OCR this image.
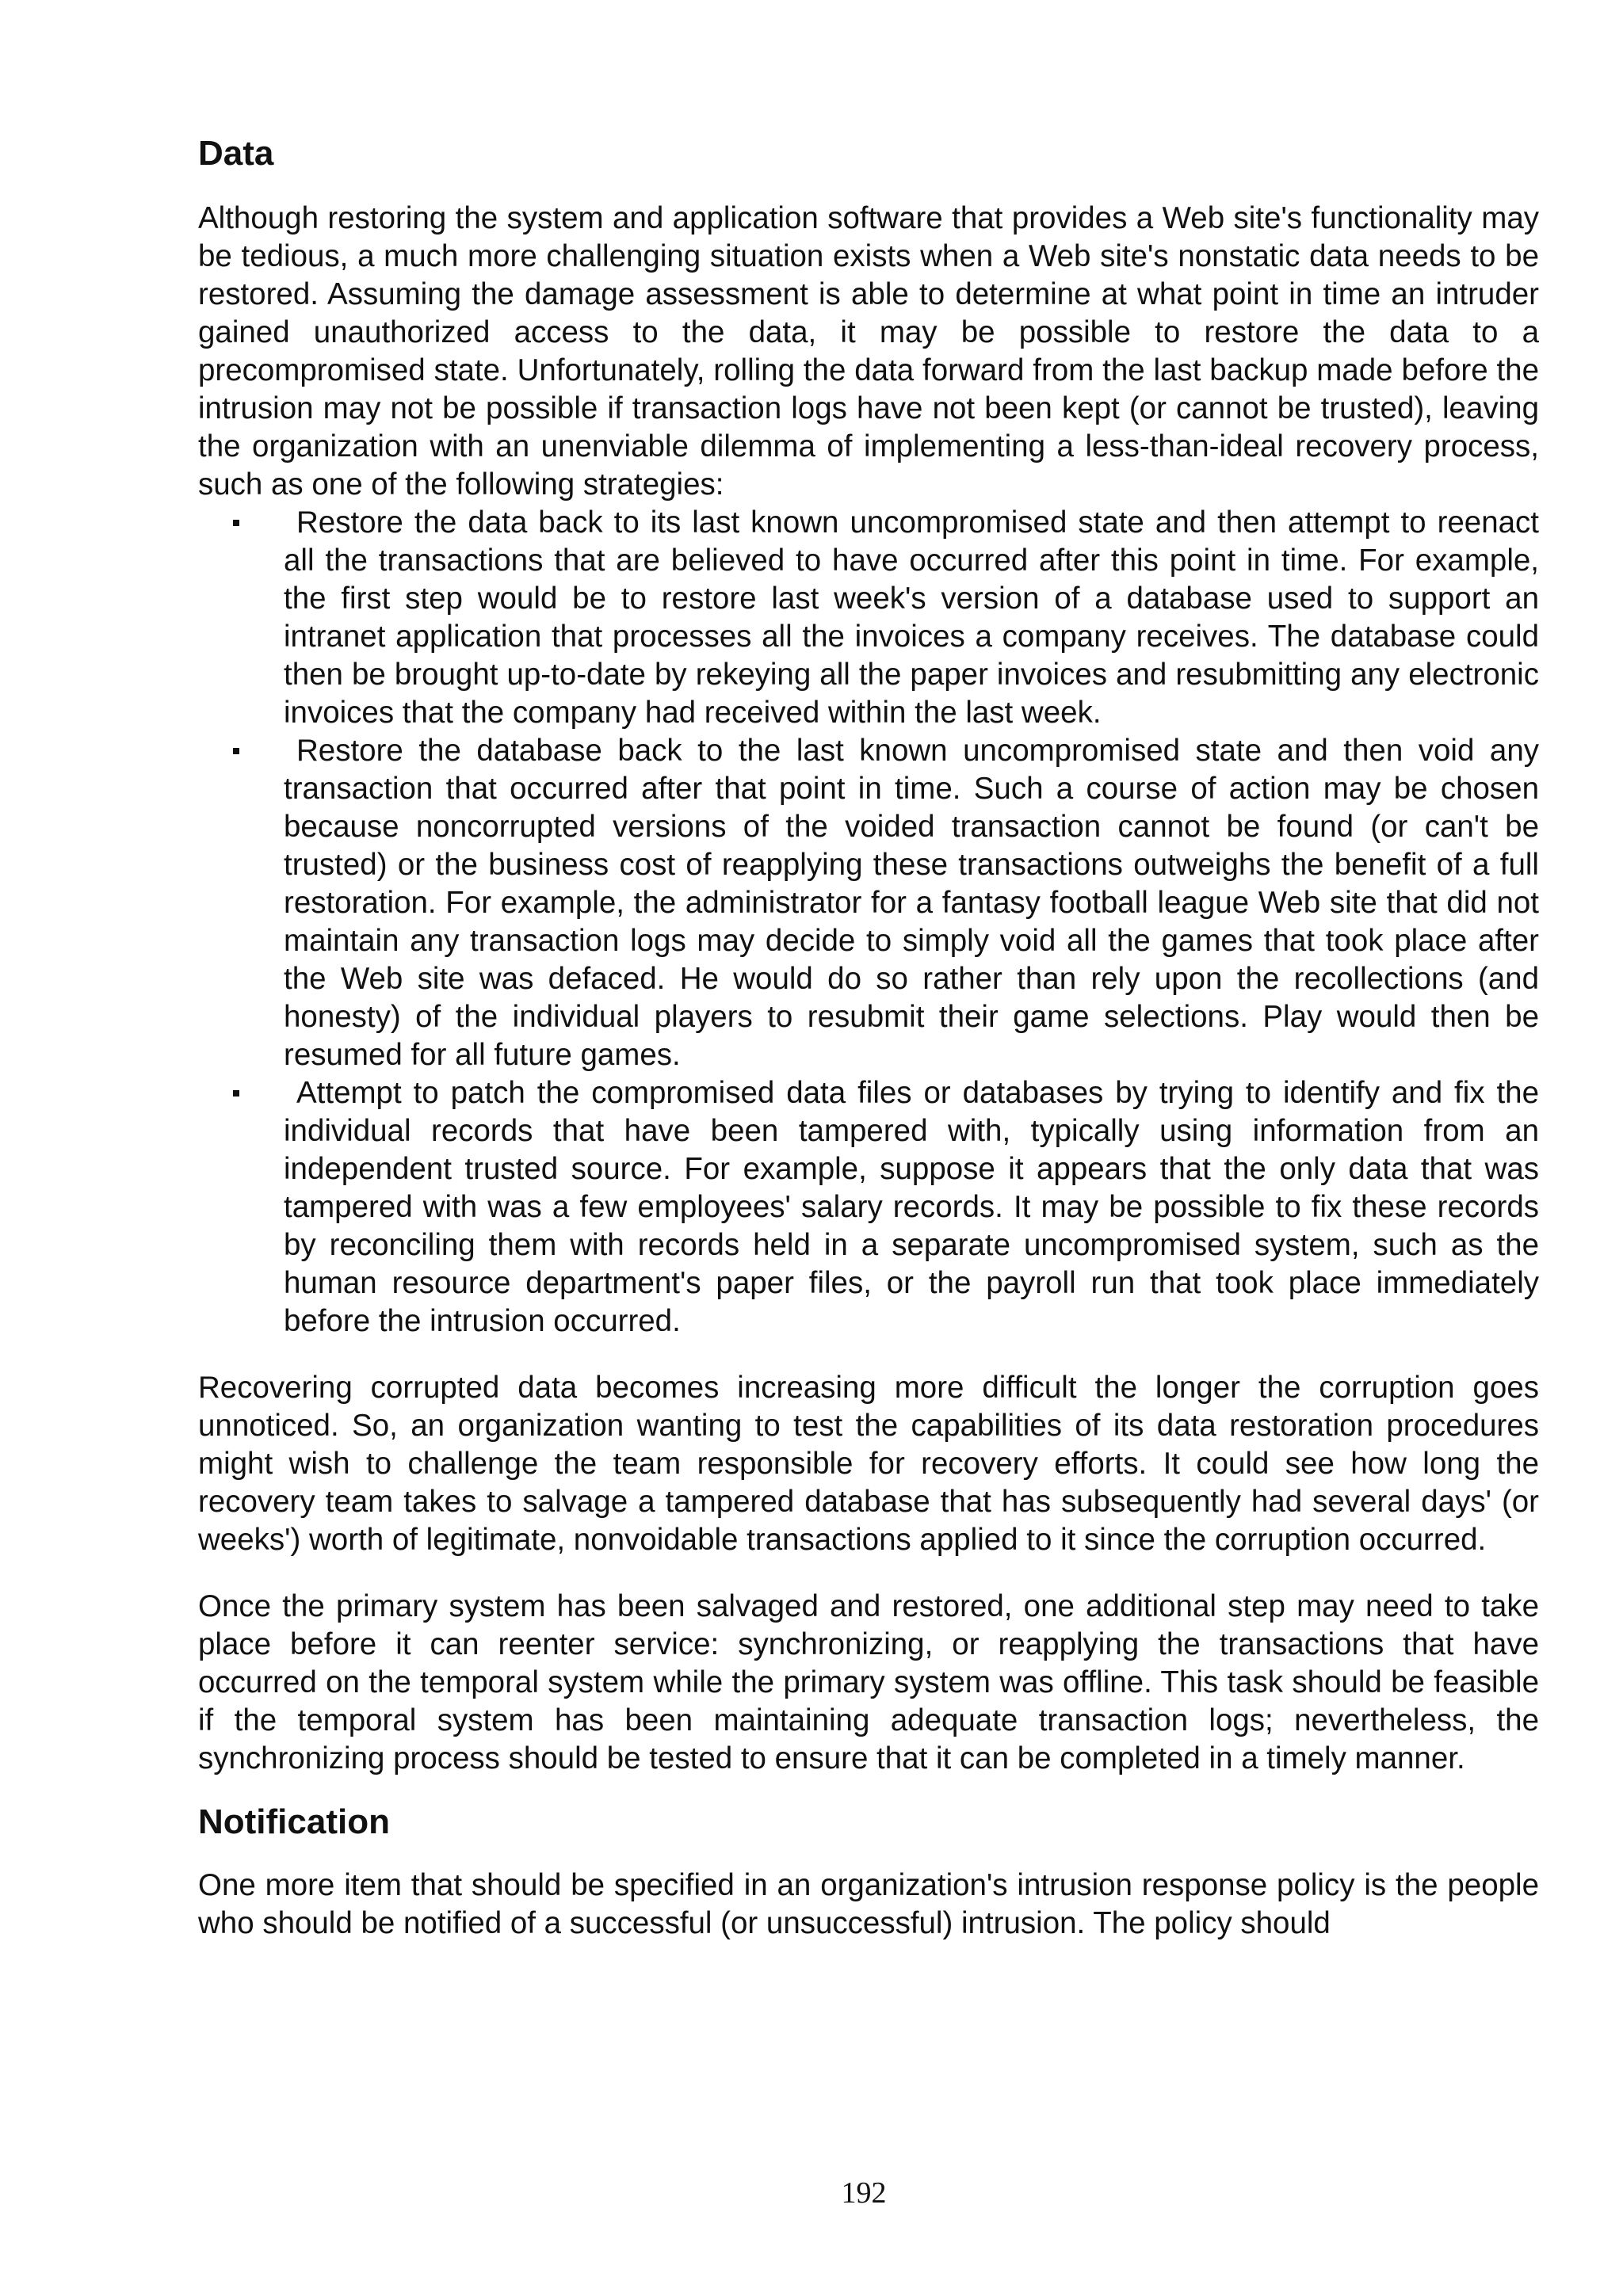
Data

Although restoring the system and application software that provides a Web site's functionality may be tedious, a much more challenging situation exists when a Web site's nonstatic data needs to be restored. Assuming the damage assessment is able to determine at what point in time an intruder gained unauthorized access to the data, it may be possible to restore the data to a precompromised state. Unfortunately, rolling the data forward from the last backup made before the intrusion may not be possible if transaction logs have not been kept (or cannot be trusted), leaving the organization with an unenviable dilemma of implementing a less-than-ideal recovery process, such as one of the following strategies:

Restore the data back to its last known uncompromised state and then attempt to reenact all the transactions that are believed to have occurred after this point in time. For example, the first step would be to restore last week's version of a database used to support an intranet application that processes all the invoices a company receives. The database could then be brought up-to-date by rekeying all the paper invoices and resubmitting any electronic invoices that the company had received within the last week.
Restore the database back to the last known uncompromised state and then void any transaction that occurred after that point in time. Such a course of action may be chosen because noncorrupted versions of the voided transaction cannot be found (or can't be trusted) or the business cost of reapplying these transactions outweighs the benefit of a full restoration. For example, the administrator for a fantasy football league Web site that did not maintain any transaction logs may decide to simply void all the games that took place after the Web site was defaced. He would do so rather than rely upon the recollections (and honesty) of the individual players to resubmit their game selections. Play would then be resumed for all future games.
Attempt to patch the compromised data files or databases by trying to identify and fix the individual records that have been tampered with, typically using information from an independent trusted source. For example, suppose it appears that the only data that was tampered with was a few employees' salary records. It may be possible to fix these records by reconciling them with records held in a separate uncompromised system, such as the human resource department's paper files, or the payroll run that took place immediately before the intrusion occurred.

Recovering corrupted data becomes increasing more difficult the longer the corruption goes unnoticed. So, an organization wanting to test the capabilities of its data restoration procedures might wish to challenge the team responsible for recovery efforts. It could see how long the recovery team takes to salvage a tampered database that has subsequently had several days' (or weeks') worth of legitimate, nonvoidable transactions applied to it since the corruption occurred.

Once the primary system has been salvaged and restored, one additional step may need to take place before it can reenter service: synchronizing, or reapplying the transactions that have occurred on the temporal system while the primary system was offline. This task should be feasible if the temporal system has been maintaining adequate transaction logs; nevertheless, the synchronizing process should be tested to ensure that it can be completed in a timely manner.

Notification

One more item that should be specified in an organization's intrusion response policy is the people who should be notified of a successful (or unsuccessful) intrusion. The policy should

192
